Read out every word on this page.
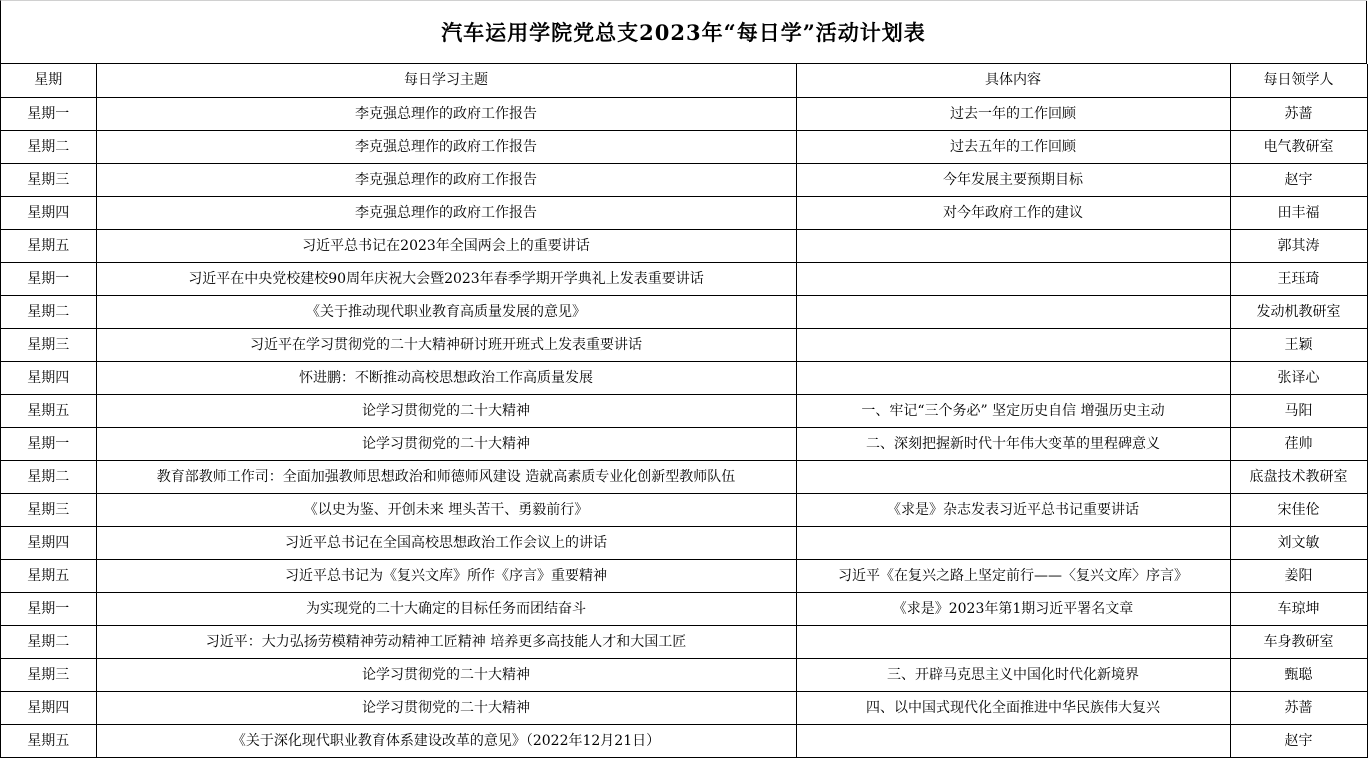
汽车运用学院党总支2023年“每日学”活动计划表
星期	每日学习主题	具体内容	每日领学人
星期一	李克强总理作的政府工作报告	过去一年的工作回顾	苏蔷
星期二	李克强总理作的政府工作报告	过去五年的工作回顾	电气教研室
星期三	李克强总理作的政府工作报告	今年发展主要预期目标	赵宇
星期四	李克强总理作的政府工作报告	对今年政府工作的建议	田丰福
星期五	习近平总书记在2023年全国两会上的重要讲话		郭其涛
星期一	习近平在中央党校建校90周年庆祝大会暨2023年春季学期开学典礼上发表重要讲话		王珏琦
星期二	《关于推动现代职业教育高质量发展的意见》		发动机教研室
星期三	习近平在学习贯彻党的二十大精神研讨班开班式上发表重要讲话		王颖
星期四	怀进鹏：不断推动高校思想政治工作高质量发展		张译心
星期五	论学习贯彻党的二十大精神	一、牢记“三个务必” 坚定历史自信 增强历史主动	马阳
星期一	论学习贯彻党的二十大精神	二、深刻把握新时代十年伟大变革的里程碑意义	荏帅
星期二	教育部教师工作司：全面加强教师思想政治和师德师风建设 造就高素质专业化创新型教师队伍		底盘技术教研室
星期三	《以史为鉴、开创未来 埋头苦干、勇毅前行》	《求是》杂志发表习近平总书记重要讲话	宋佳伦
星期四	习近平总书记在全国高校思想政治工作会议上的讲话		刘文敏
星期五	习近平总书记为《复兴文库》所作《序言》重要精神	习近平《在复兴之路上坚定前行——〈复兴文库〉序言》	姜阳
星期一	为实现党的二十大确定的目标任务而团结奋斗	《求是》2023年第1期习近平署名文章	车琼坤
星期二	习近平：大力弘扬劳模精神劳动精神工匠精神 培养更多高技能人才和大国工匠		车身教研室
星期三	论学习贯彻党的二十大精神	三、开辟马克思主义中国化时代化新境界	甄聪
星期四	论学习贯彻党的二十大精神	四、以中国式现代化全面推进中华民族伟大复兴	苏蔷
星期五	《关于深化现代职业教育体系建设改革的意见》（2022年12月21日）		赵宇
